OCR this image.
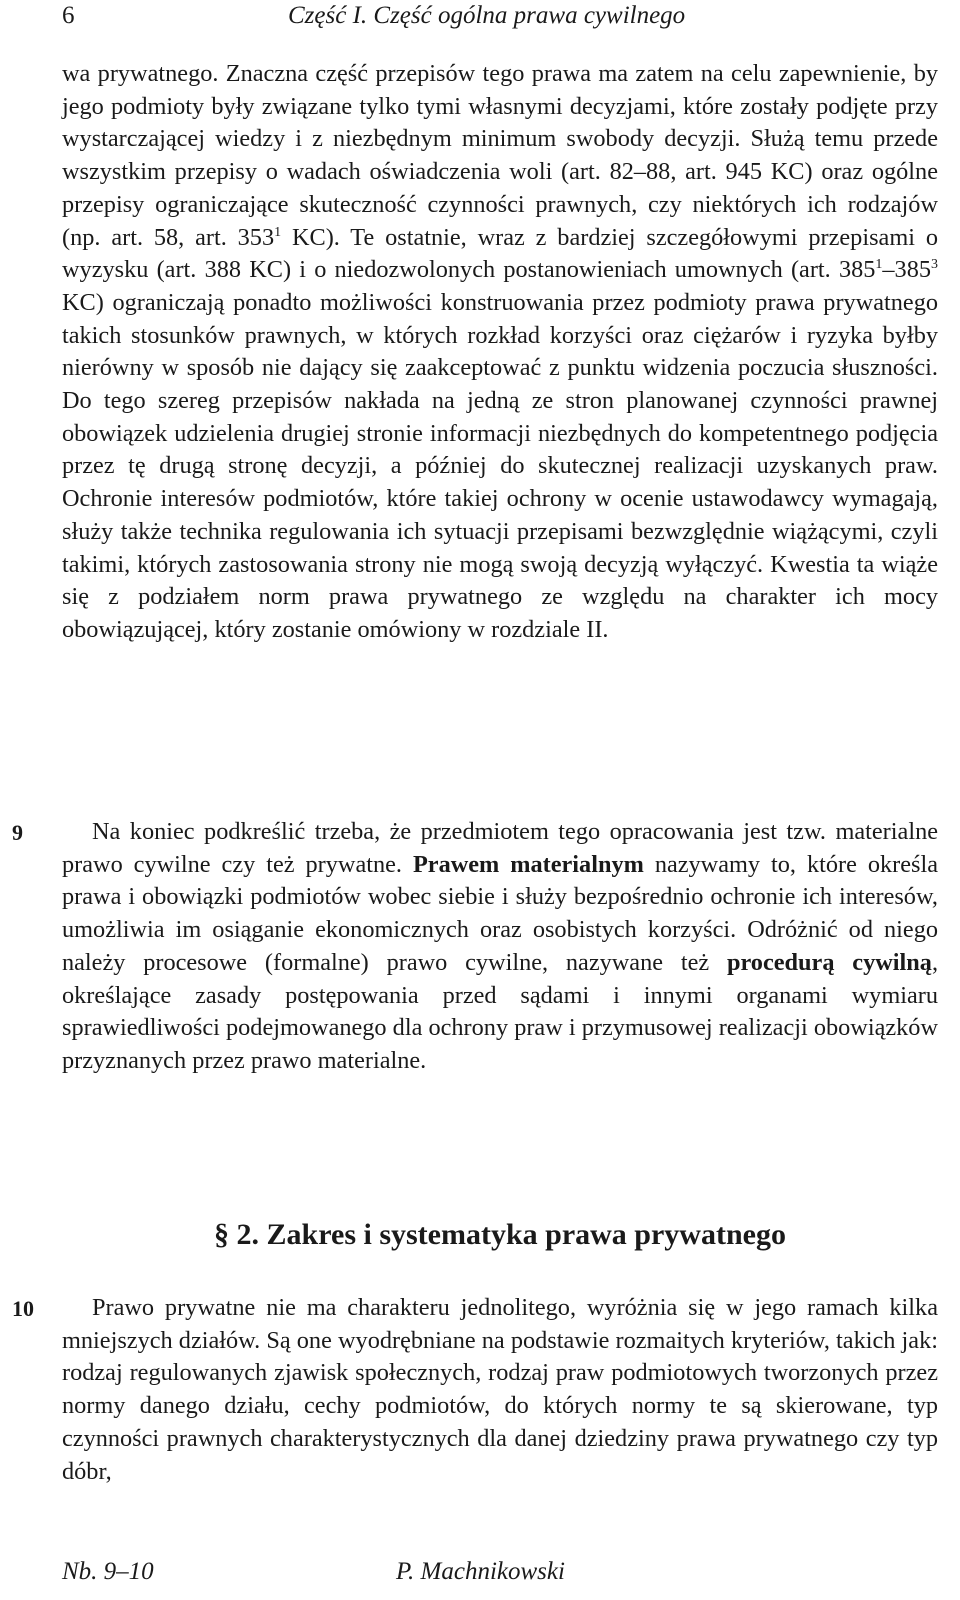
6	Część I. Część ogólna prawa cywilnego

wa prywatnego. Znaczna część przepisów tego prawa ma zatem na celu zapewnienie, by jego podmioty były związane tylko tymi własnymi decyzjami, które zostały podjęte przy wystarczającej wiedzy i z niezbędnym minimum swobody decyzji. Służą temu przede wszystkim przepisy o wadach oświadczenia woli (art. 82–88, art. 945 KC) oraz ogólne przepisy ograniczające skuteczność czynności prawnych, czy niektórych ich rodzajów (np. art. 58, art. $353^1$ KC). Te ostatnie, wraz z bardziej szczegółowymi przepisami o wyzysku (art. 388 KC) i o niedozwolonych postanowieniach umownych (art. $385^1-385^3$ KC) ograniczają ponadto możliwości konstruowania przez podmioty prawa prywatnego takich stosunków prawnych, w których rozkład korzyści oraz ciężarów i ryzyka byłby nierówny w sposób nie dający się zaakceptować z punktu widzenia poczucia słuszności. Do tego szereg przepisów nakłada na jedną ze stron planowanej czynności prawnej obowiązek udzielenia drugiej stronie informacji niezbędnych do kompetentnego podjęcia przez tę drugą stronę decyzji, a później do skutecznej realizacji uzyskanych praw. Ochronie interesów podmiotów, które takiej ochrony w ocenie ustawodawcy wymagają, służy także technika regulowania ich sytuacji przepisami bezwzględnie wiążącymi, czyli takimi, których zastosowania strony nie mogą swoją decyzją wyłączyć. Kwestia ta wiąże się z podziałem norm prawa prywatnego ze względu na charakter ich mocy obowiązującej, który zostanie omówiony w rozdziale II.

9	Na koniec podkreślić trzeba, że przedmiotem tego opracowania jest tzw. materialne prawo cywilne czy też prywatne. Prawem materialnym nazywamy to, które określa prawa i obowiązki podmiotów wobec siebie i służy bezpośrednio ochronie ich interesów, umożliwia im osiąganie ekonomicznych oraz osobistych korzyści. Odróżnić od niego należy procesowe (formalne) prawo cywilne, nazywane też procedurą cywilną, określające zasady postępowania przed sądami i innymi organami wymiaru sprawiedliwości podejmowanego dla ochrony praw i przymusowej realizacji obowiązków przyznanych przez prawo materialne.

§ 2. Zakres i systematyka prawa prywatnego
10	Prawo prywatne nie ma charakteru jednolitego, wyróżnia się w jego ramach kilka mniejszych działów. Są one wyodrębniane na podstawie rozmaitych kryteriów, takich jak: rodzaj regulowanych zjawisk społecznych, rodzaj praw podmiotowych tworzonych przez normy danego działu, cechy podmiotów, do których normy te są skierowane, typ czynności prawnych charakterystycznych dla danej dziedziny prawa prywatnego czy typ dóbr,

Nb. 9–10	P. Machnikowski
